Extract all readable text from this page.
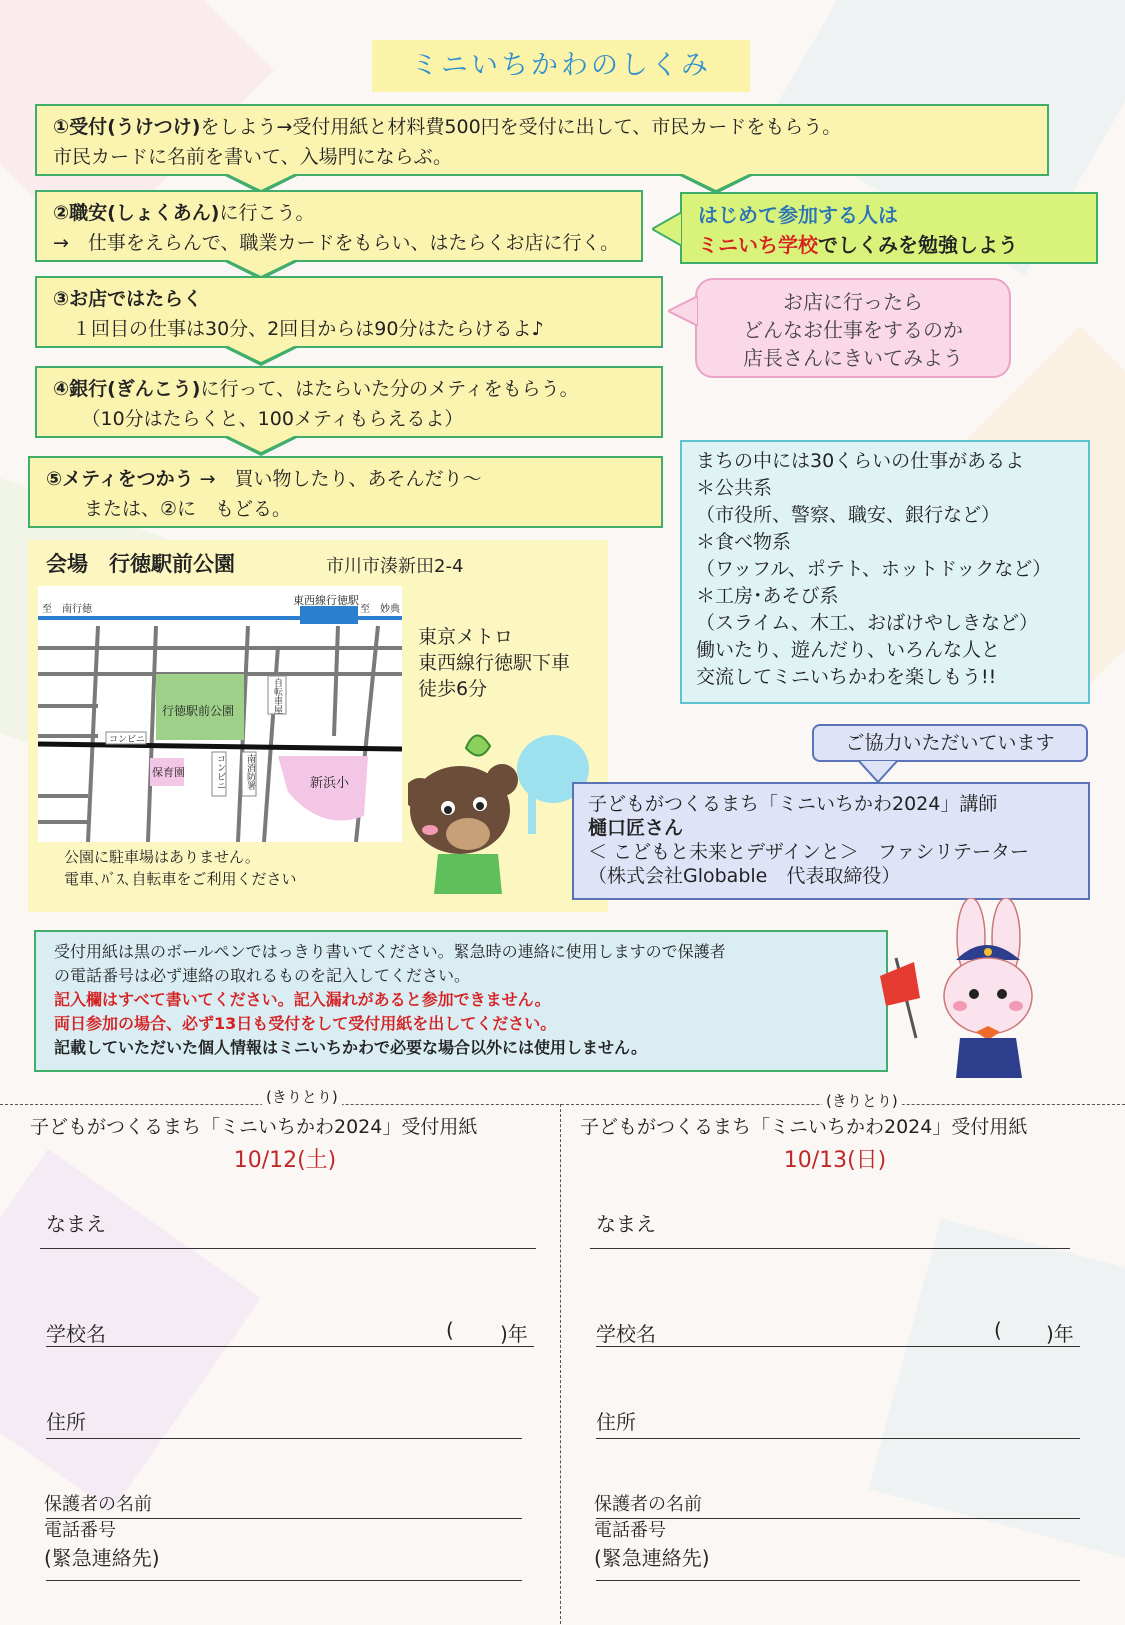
ミニいちかわのしくみ
①受付(うけつけ)をしよう→受付用紙と材料費500円を受付に出して、市民カードをもらう。
市民カードに名前を書いて、入場門にならぶ。
②職安(しょくあん)に行こう。
→　仕事をえらんで、職業カードをもらい、はたらくお店に行く。
はじめて参加する人は
ミニいち学校でしくみを勉強しよう
③お店ではたらく
　１回目の仕事は30分、2回目からは90分はたらけるよ♪
お店に行ったら
どんなお仕事をするのか
店長さんにきいてみよう
④銀行(ぎんこう)に行って、はたらいた分のメティをもらう。
　　（10分はたらくと、100メティもらえるよ）
⑤メティをつかう →　買い物したり、あそんだり～
　　または、②に　もどる。
まちの中には30くらいの仕事があるよ
＊公共系
（市役所、警察、職安、銀行など）
＊食べ物系
（ワッフル、ポテト、ホットドックなど）
＊工房･あそび系
（スライム、木工、おばけやしきなど）
働いたり、遊んだり、いろんな人と
交流してミニいちかわを楽しもう!!
会場　行徳駅前公園	市川市湊新田2-4
東西線行徳駅
至　南行徳	至　妙典
行徳駅前公園
コンビニ
保育園
新浜小
自転車屋
コンビニ 南消防署
東京メトロ
東西線行徳駅下車
徒歩6分
公園に駐車場はありません。
電車､ﾊﾞｽ､自転車をご利用ください
ご協力いただいています
子どもがつくるまち「ミニいちかわ2024」講師
樋口匠さん
＜ こどもと未来とデザインと＞　ファシリテーター
（株式会社Globable　代表取締役）
受付用紙は黒のボールペンではっきり書いてください。緊急時の連絡に使用しますので保護者
の電話番号は必ず連絡の取れるものを記入してください。
記入欄はすべて書いてください。記入漏れがあると参加できません。
両日参加の場合、必ず13日も受付をして受付用紙を出してください。
記載していただいた個人情報はミニいちかわで必要な場合以外には使用しません。
(きりとり)	(きりとり)
子どもがつくるまち「ミニいちかわ2024」受付用紙
10/12(土)
なまえ
学校名	( )年
住所
保護者の名前
電話番号
(緊急連絡先)
子どもがつくるまち「ミニいちかわ2024」受付用紙
10/13(日)
なまえ
学校名	( )年
住所
保護者の名前
電話番号
(緊急連絡先)
